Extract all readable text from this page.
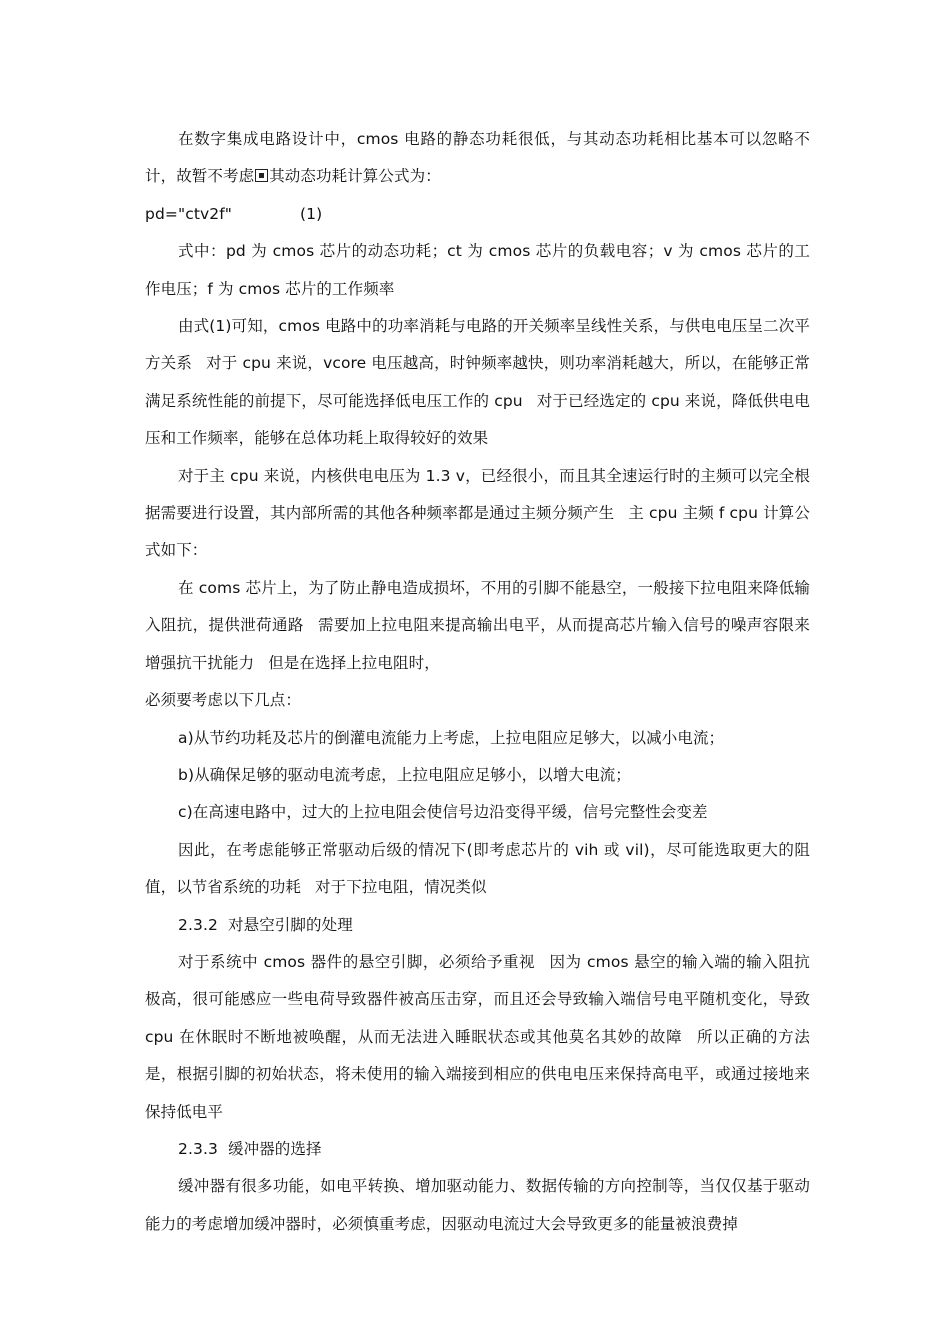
在数字集成电路设计中，cmos 电路的静态功耗很低，与其动态功耗相比基本可以忽略不计，故暂不考虑 其动态功耗计算公式为：

pd="ctv2f"	(1)

式中：pd 为 cmos 芯片的动态功耗；ct 为 cmos 芯片的负载电容；v 为 cmos 芯片的工作电压；f 为 cmos 芯片的工作频率

由式(1)可知，cmos 电路中的功率消耗与电路的开关频率呈线性关系，与供电电压呈二次平方关系 对于 cpu 来说，vcore 电压越高，时钟频率越快，则功率消耗越大，所以，在能够正常满足系统性能的前提下，尽可能选择低电压工作的 cpu 对于已经选定的 cpu 来说，降低供电电压和工作频率，能够在总体功耗上取得较好的效果

对于主 cpu 来说，内核供电电压为 1.3 v，已经很小，而且其全速运行时的主频可以完全根据需要进行设置，其内部所需的其他各种频率都是通过主频分频产生 主 cpu 主频 f cpu 计算公式如下：

在 coms 芯片上，为了防止静电造成损坏，不用的引脚不能悬空，一般接下拉电阻来降低输入阻抗，提供泄荷通路 需要加上拉电阻来提高输出电平，从而提高芯片输入信号的噪声容限来增强抗干扰能力 但是在选择上拉电阻时，

必须要考虑以下几点：

a)从节约功耗及芯片的倒灌电流能力上考虑，上拉电阻应足够大，以减小电流；

b)从确保足够的驱动电流考虑，上拉电阻应足够小，以增大电流；

c)在高速电路中，过大的上拉电阻会使信号边沿变得平缓，信号完整性会变差

因此，在考虑能够正常驱动后级的情况下(即考虑芯片的 vih 或 vil)，尽可能选取更大的阻值，以节省系统的功耗 对于下拉电阻，情况类似

2.3.2  对悬空引脚的处理

对于系统中 cmos 器件的悬空引脚，必须给予重视 因为 cmos 悬空的输入端的输入阻抗极高，很可能感应一些电荷导致器件被高压击穿，而且还会导致输入端信号电平随机变化，导致 cpu 在休眠时不断地被唤醒，从而无法进入睡眠状态或其他莫名其妙的故障 所以正确的方法是，根据引脚的初始状态，将未使用的输入端接到相应的供电电压来保持高电平，或通过接地来保持低电平

2.3.3  缓冲器的选择

缓冲器有很多功能，如电平转换、增加驱动能力、数据传输的方向控制等，当仅仅基于驱动能力的考虑增加缓冲器时，必须慎重考虑，因驱动电流过大会导致更多的能量被浪费掉
